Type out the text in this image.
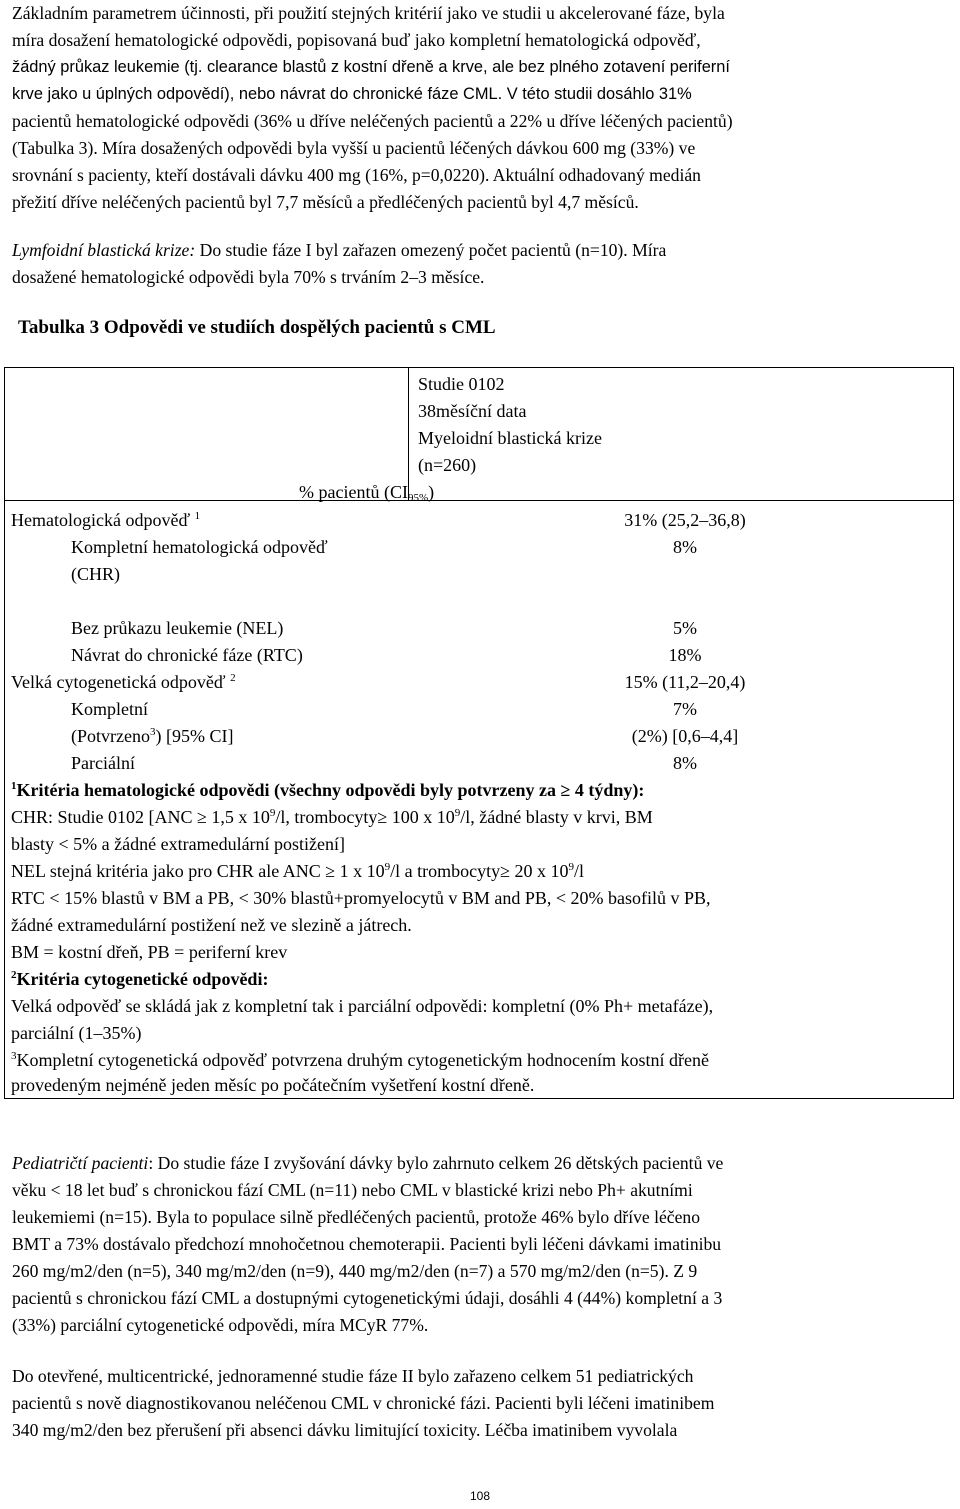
Základním parametrem účinnosti, při použití stejných kritérií jako ve studii u akcelerované fáze, byla
míra dosažení hematologické odpovědi, popisovaná buď jako kompletní hematologická odpověď,
žádný průkaz leukemie (tj. clearance blastů z kostní dřeně a krve, ale bez plného zotavení periferní
krve jako u úplných odpovědí), nebo návrat do chronické fáze CML. V této studii dosáhlo 31%
pacientů hematologické odpovědi (36% u dříve neléčených pacientů a 22% u dříve léčených pacientů)
(Tabulka 3). Míra dosažených odpovědi byla vyšší u pacientů léčených dávkou 600 mg (33%) ve
srovnání s pacienty, kteří dostávali dávku 400 mg (16%, p=0,0220). Aktuální odhadovaný medián
přežití dříve neléčených pacientů byl 7,7 měsíců a předléčených pacientů byl 4,7 měsíců.
Lymfoidní blastická krize: Do studie fáze I byl zařazen omezený počet pacientů (n=10). Míra
dosažené hematologické odpovědi byla 70% s trváním 2–3 měsíce.
Tabulka 3 Odpovědi ve studiích dospělých pacientů s CML
Studie 0102
38měsíční data
Myeloidní blastická krize
(n=260)
% pacientů $(CI_{95\%})$
Hematologická odpověď $^1$
Kompletní hematologická odpověď
(CHR)
Bez průkazu leukemie (NEL)
Návrat do chronické fáze (RTC)
Velká cytogenetická odpověď $^2$
Kompletní
(Potvrzeno$^3$) [95% CI]
Parciální
31% (25,2–36,8)
8%
5%
18%
15% (11,2–20,4)
7%
(2%) [0,6–4,4]
8%
$^1$Kritéria hematologické odpovědi (všechny odpovědi byly potvrzeny za ≥ 4 týdny):
CHR: Studie 0102 [ANC ≥ 1,5 x $10^9/l$, trombocyty≥ 100 x $10^9/l$, žádné blasty v krvi, BM
blasty < 5% a žádné extramedulární postižení]
NEL stejná kritéria jako pro CHR ale ANC ≥ 1 x $10^9/l$ a trombocyty≥ 20 x $10^9/l$
RTC < 15% blastů v BM a PB, < 30% blastů+promyelocytů v BM and PB, < 20% basofilů v PB,
žádné extramedulární postižení než ve slezině a játrech.
BM = kostní dřeň, PB = periferní krev
$^2$Kritéria cytogenetické odpovědi:
Velká odpověď se skládá jak z kompletní tak i parciální odpovědi: kompletní (0% Ph+ metafáze),
parciální (1–35%)
$^3$Kompletní cytogenetická odpověď potvrzena druhým cytogenetickým hodnocením kostní dřeně
provedeným nejméně jeden měsíc po počátečním vyšetření kostní dřeně.
Pediatričtí pacienti: Do studie fáze I zvyšování dávky bylo zahrnuto celkem 26 dětských pacientů ve
věku < 18 let buď s chronickou fází CML (n=11) nebo CML v blastické krizi nebo Ph+ akutními
leukemiemi (n=15). Byla to populace silně předléčených pacientů, protože 46% bylo dříve léčeno
BMT a 73% dostávalo předchozí mnohočetnou chemoterapii. Pacienti byli léčeni dávkami imatinibu
260 mg/m2/den (n=5), 340 mg/m2/den (n=9), 440 mg/m2/den (n=7) a 570 mg/m2/den (n=5). Z 9
pacientů s chronickou fází CML a dostupnými cytogenetickými údaji, dosáhli 4 (44%) kompletní a 3
(33%) parciální cytogenetické odpovědi, míra MCyR 77%.
Do otevřené, multicentrické, jednoramenné studie fáze II bylo zařazeno celkem 51 pediatrických
pacientů s nově diagnostikovanou neléčenou CML v chronické fázi. Pacienti byli léčeni imatinibem
340 mg/m2/den bez přerušení při absenci dávku limitující toxicity. Léčba imatinibem vyvolala
108
